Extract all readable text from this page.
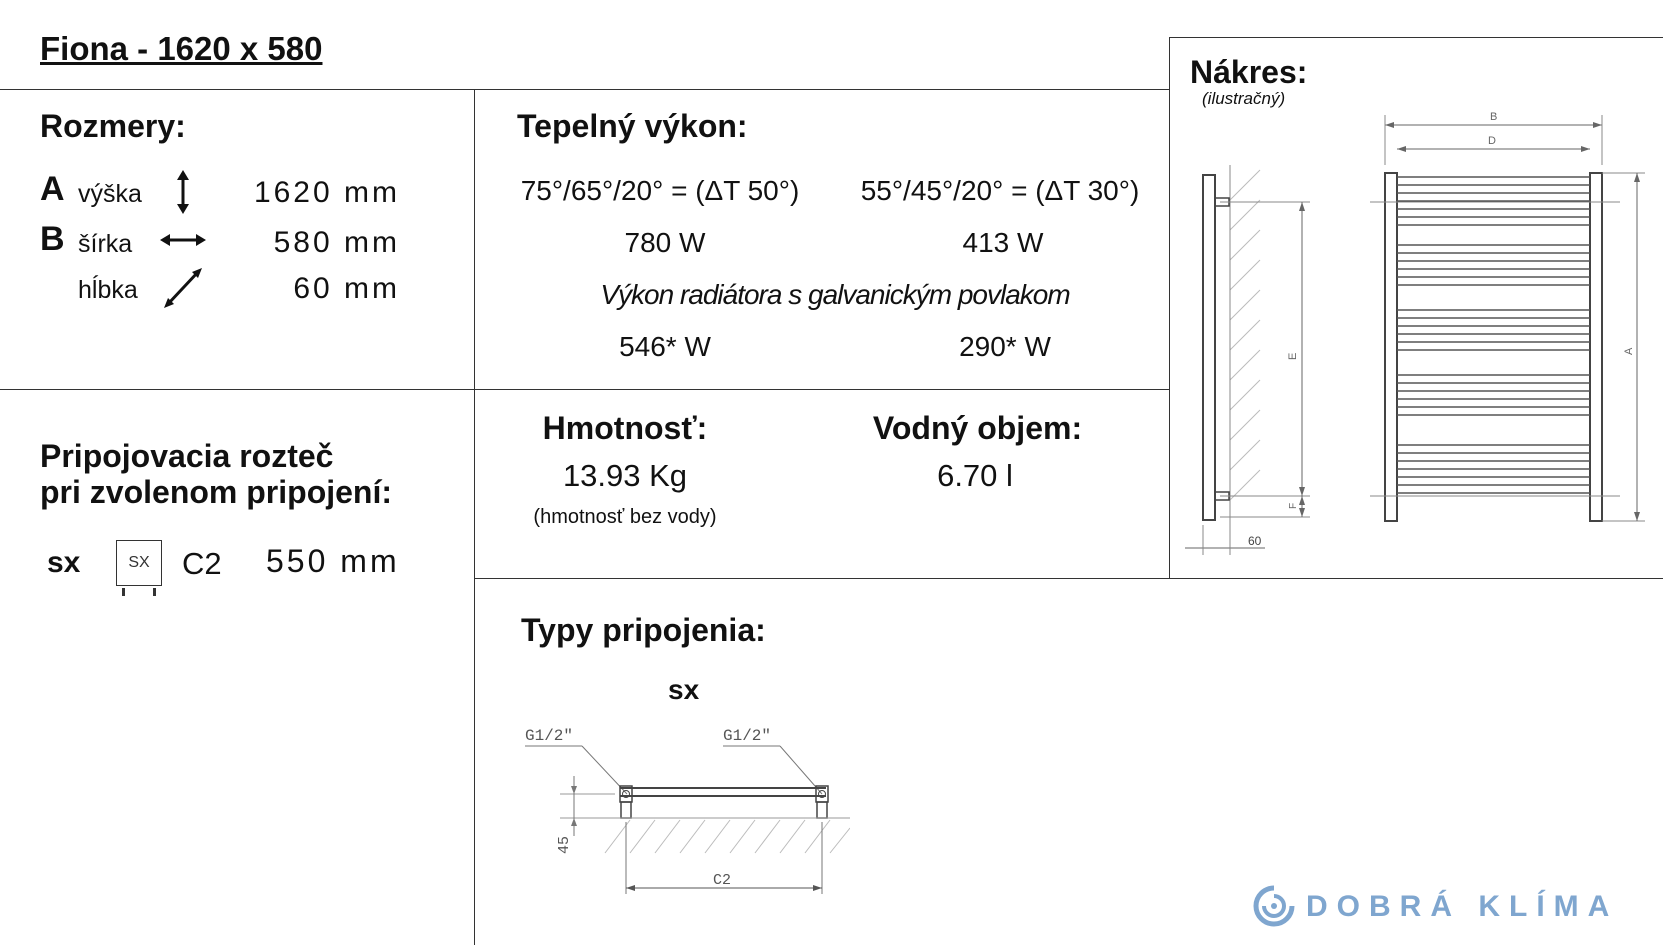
Fiona - 1620 x 580
Rozmery:
A výška	1620 mm
B šírka	580 mm
hĺbka	60 mm
Tepelný výkon:
75°/65°/20° = (ΔT 50°)	55°/45°/20° = (ΔT 30°)
780 W	413 W
Výkon radiátora s galvanickým povlakom
546* W	290* W
Nákres:
(ilustračný)
E
F
60
B
D
A
Pripojovacia rozteč
pri zvolenom pripojení:
sx	SX	C2 550 mm
Hmotnosť:
13.93 Kg
(hmotnosť bez vody)
Vodný objem:
6.70 l
Typy pripojenia:
sx
G1/2"	G1/2"
45
C2
DOBRÁ KLÍMA
